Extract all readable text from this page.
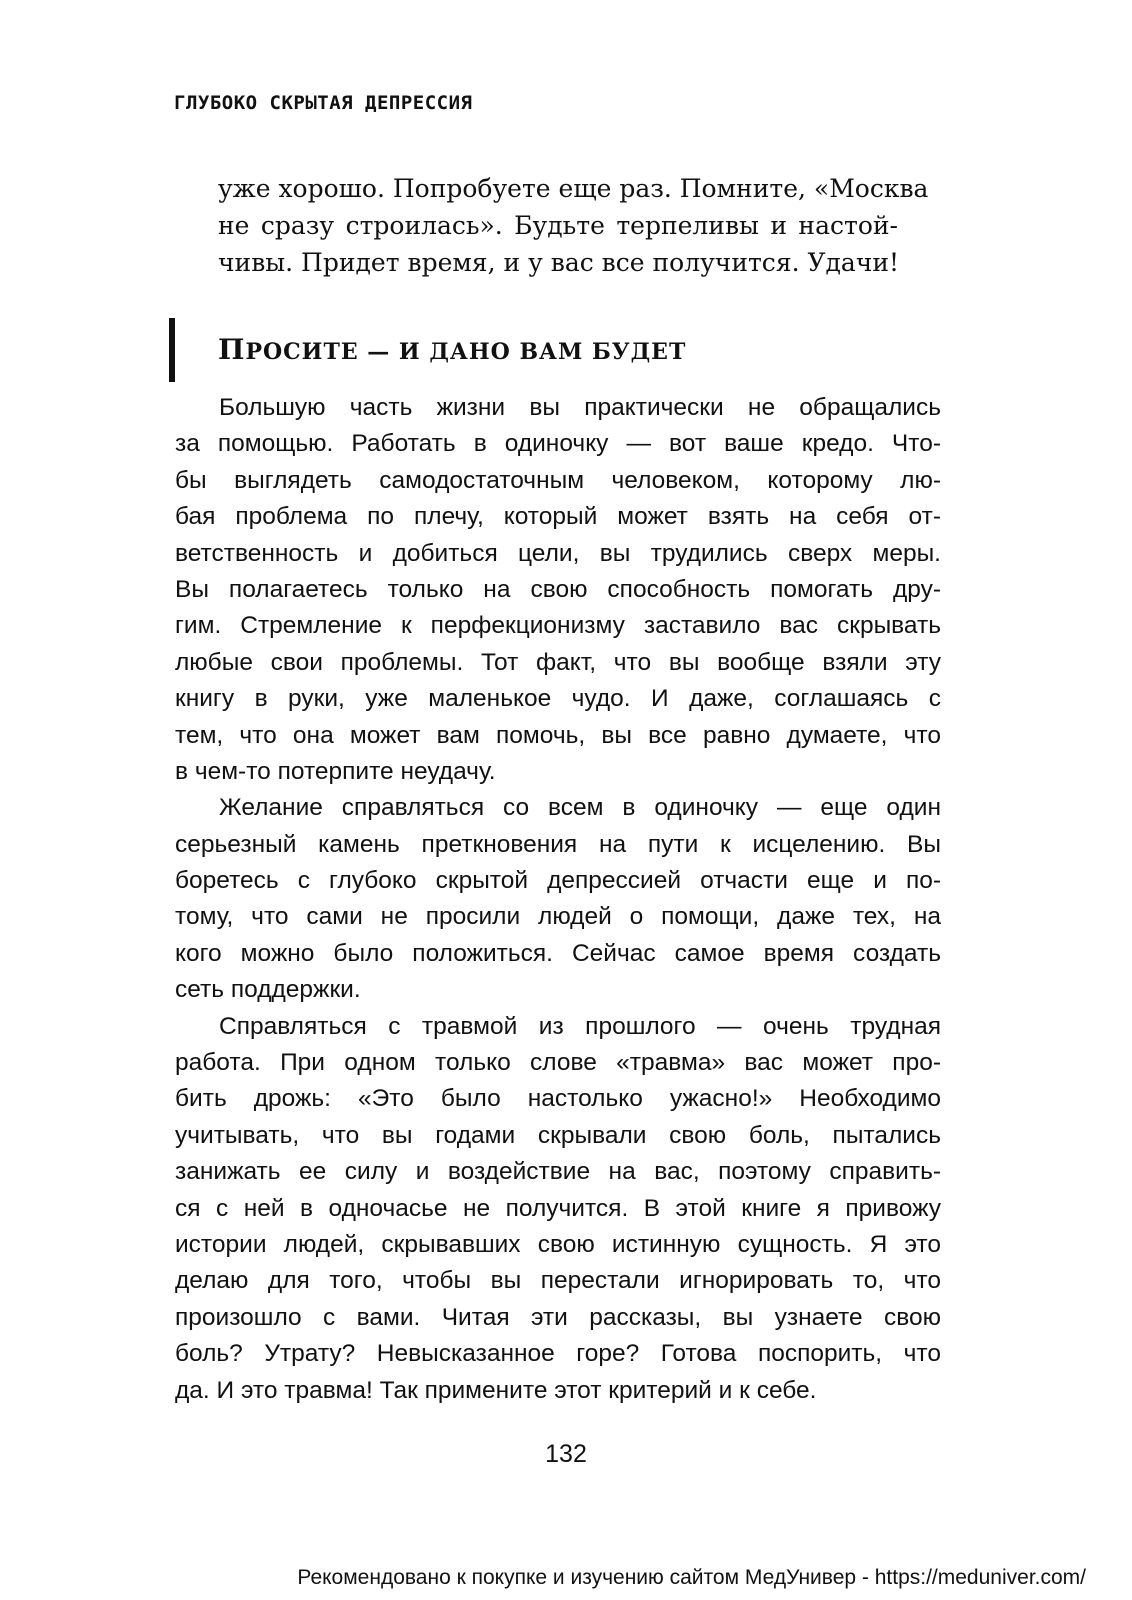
ГЛУБОКО СКРЫТАЯ ДЕПРЕССИЯ
уже хорошо. Попробуете еще раз. Помните, «Москва
не сразу строилась». Будьте терпеливы и настой-
чивы. Придет время, и у вас все получится. Удачи!
ПРОСИТЕ — И ДАНО ВАМ БУДЕТ
Большую часть жизни вы практически не обращались
за помощью. Работать в одиночку — вот ваше кредо. Что-
бы выглядеть самодостаточным человеком, которому лю-
бая проблема по плечу, который может взять на себя от-
ветственность и добиться цели, вы трудились сверх меры.
Вы полагаетесь только на свою способность помогать дру-
гим. Стремление к перфекционизму заставило вас скрывать
любые свои проблемы. Тот факт, что вы вообще взяли эту
книгу в руки, уже маленькое чудо. И даже, соглашаясь с
тем, что она может вам помочь, вы все равно думаете, что
в чем-то потерпите неудачу.
Желание справляться со всем в одиночку — еще один
серьезный камень преткновения на пути к исцелению. Вы
боретесь с глубоко скрытой депрессией отчасти еще и по-
тому, что сами не просили людей о помощи, даже тех, на
кого можно было положиться. Сейчас самое время создать
сеть поддержки.
Справляться с травмой из прошлого — очень трудная
работа. При одном только слове «травма» вас может про-
бить дрожь: «Это было настолько ужасно!» Необходимо
учитывать, что вы годами скрывали свою боль, пытались
занижать ее силу и воздействие на вас, поэтому справить-
ся с ней в одночасье не получится. В этой книге я привожу
истории людей, скрывавших свою истинную сущность. Я это
делаю для того, чтобы вы перестали игнорировать то, что
произошло с вами. Читая эти рассказы, вы узнаете свою
боль? Утрату? Невысказанное горе? Готова поспорить, что
да. И это травма! Так примените этот критерий и к себе.
132
Рекомендовано к покупке и изучению сайтом МедУнивер - https://meduniver.com/
